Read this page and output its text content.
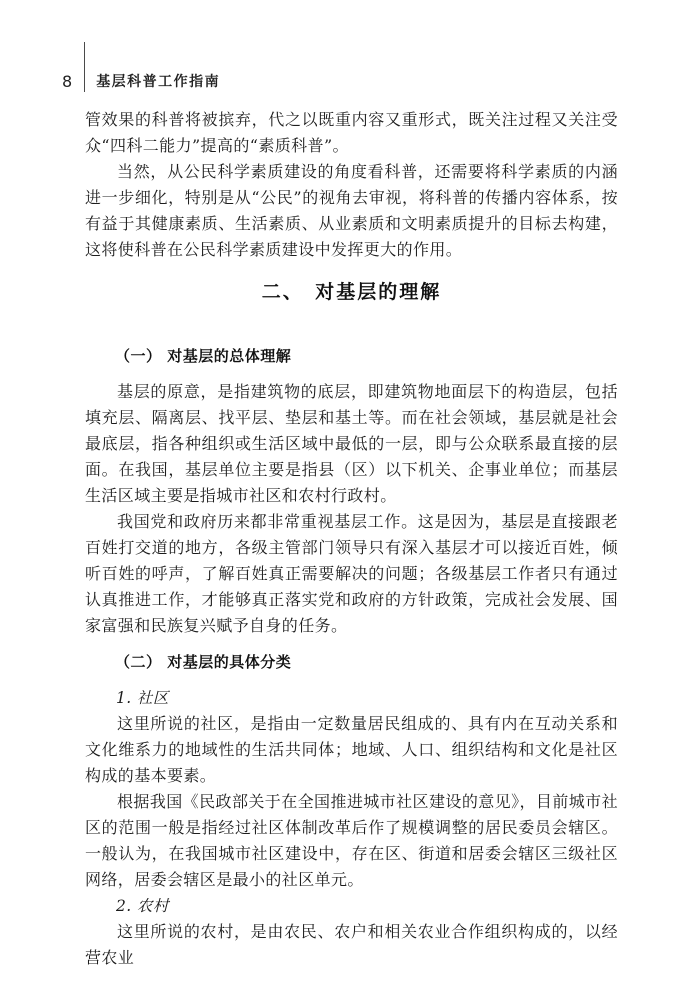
8 基层科普工作指南

管效果的科普将被摈弃，代之以既重内容又重形式，既关注过程又关注受众“四科二能力”提高的“素质科普”。

当然，从公民科学素质建设的角度看科普，还需要将科学素质的内涵进一步细化，特别是从“公民”的视角去审视，将科普的传播内容体系，按有益于其健康素质、生活素质、从业素质和文明素质提升的目标去构建，这将使科普在公民科学素质建设中发挥更大的作用。

二、　对基层的理解
（一） 对基层的总体理解

基层的原意，是指建筑物的底层，即建筑物地面层下的构造层，包括填充层、隔离层、找平层、垫层和基土等。而在社会领域，基层就是社会最底层，指各种组织或生活区域中最低的一层，即与公众联系最直接的层面。在我国，基层单位主要是指县（区）以下机关、企事业单位；而基层生活区域主要是指城市社区和农村行政村。

我国党和政府历来都非常重视基层工作。这是因为，基层是直接跟老百姓打交道的地方，各级主管部门领导只有深入基层才可以接近百姓，倾听百姓的呼声，了解百姓真正需要解决的问题；各级基层工作者只有通过认真推进工作，才能够真正落实党和政府的方针政策，完成社会发展、国家富强和民族复兴赋予自身的任务。

（二） 对基层的具体分类

1. 社区

这里所说的社区，是指由一定数量居民组成的、具有内在互动关系和文化维系力的地域性的生活共同体；地域、人口、组织结构和文化是社区构成的基本要素。

根据我国《民政部关于在全国推进城市社区建设的意见》，目前城市社区的范围一般是指经过社区体制改革后作了规模调整的居民委员会辖区。一般认为，在我国城市社区建设中，存在区、街道和居委会辖区三级社区网络，居委会辖区是最小的社区单元。

2. 农村

这里所说的农村，是由农民、农户和相关农业合作组织构成的，以经营农业
